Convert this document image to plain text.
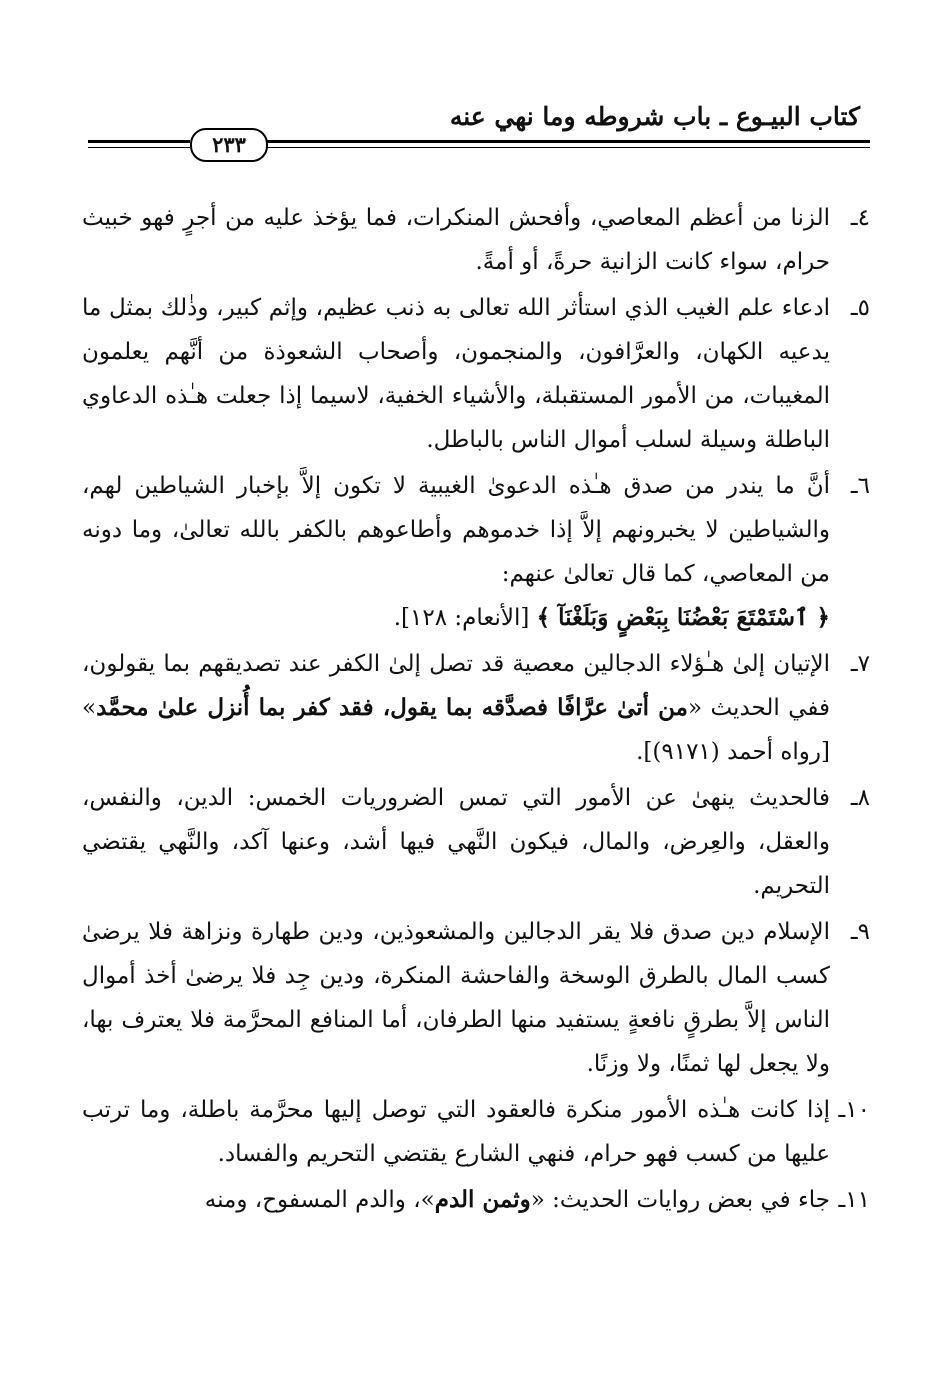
كتاب البيـوع ـ باب شروطه وما نهي عنه
٢٣٣
٤ـ
الزنا من أعظم المعاصي، وأفحش المنكرات، فما يؤخذ عليه من أجرٍ فهو خبيث حرام، سواء كانت الزانية حرةً، أو أمةً.
٥ـ
ادعاء علم الغيب الذي استأثر الله تعالى به ذنب عظيم، وإثم كبير، وذٰلك بمثل ما يدعيه الكهان، والعرَّافون، والمنجمون، وأصحاب الشعوذة من أنَّهم يعلمون المغيبات، من الأمور المستقبلة، والأشياء الخفية، لاسيما إذا جعلت هـٰذه الدعاوي الباطلة وسيلة لسلب أموال الناس بالباطل.
٦ـ
أنَّ ما يندر من صدق هـٰذه الدعوىٰ الغيبية لا تكون إلاَّ بإخبار الشياطين لهم، والشياطين لا يخبرونهم إلاَّ إذا خدموهم وأطاعوهم بالكفر بالله تعالىٰ، وما دونه من المعاصي، كما قال تعالىٰ عنهم:
﴿ ٱسْتَمْتَعَ بَعْضُنَا بِبَعْضٍ وَبَلَغْنَآ ﴾ [الأنعام: ١٢٨].
٧ـ
الإتيان إلىٰ هـٰؤلاء الدجالين معصية قد تصل إلىٰ الكفر عند تصديقهم بما يقولون، ففي الحديث «من أتىٰ عرَّافًا فصدَّقه بما يقول، فقد كفر بما أُنزل علىٰ محمَّد» [رواه أحمد (٩١٧١)].
٨ـ
فالحديث ينهىٰ عن الأمور التي تمس الضروريات الخمس: الدين، والنفس، والعقل، والعِرض، والمال، فيكون النَّهي فيها أشد، وعنها آكد، والنَّهي يقتضي التحريم.
٩ـ
الإسلام دين صدق فلا يقر الدجالين والمشعوذين، ودين طهارة ونزاهة فلا يرضىٰ كسب المال بالطرق الوسخة والفاحشة المنكرة، ودين جِد فلا يرضىٰ أخذ أموال الناس إلاَّ بطرقٍ نافعةٍ يستفيد منها الطرفان، أما المنافع المحرَّمة فلا يعترف بها، ولا يجعل لها ثمنًا، ولا وزنًا.
١٠ـ
إذا كانت هـٰذه الأمور منكرة فالعقود التي توصل إليها محرَّمة باطلة، وما ترتب عليها من كسب فهو حرام، فنهي الشارع يقتضي التحريم والفساد.
١١ـ
جاء في بعض روايات الحديث: «وثمن الدم»، والدم المسفوح، ومنه
